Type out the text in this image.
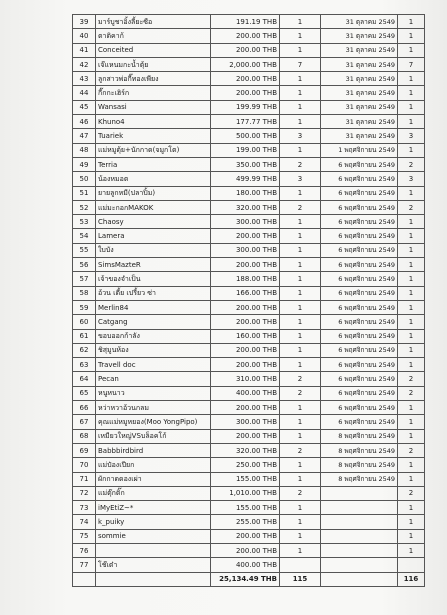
39	มาร์บูชาอิ้งลี้ยะซือ	191.19 THB	1	31 ตุลาคม 2549	1
40	ตาติคาก้	200.00 THB	1	31 ตุลาคม 2549	1
41	Conceited	200.00 THB	1	31 ตุลาคม 2549	1
42	เจ๊แหนมกะน้ำตุ้ย	2,000.00 THB	7	31 ตุลาคม 2549	7
43	ลูกสาวพ่อกี๊ทองเพียง	200.00 THB	1	31 ตุลาคม 2549	1
44	กี๊กกะเฮิร์ก	200.00 THB	1	31 ตุลาคม 2549	1
45	Wansasi	199.99 THB	1	31 ตุลาคม 2549	1
46	Khuno4	177.77 THB	1	31 ตุลาคม 2549	1
47	Tuariek	500.00 THB	3	31 ตุลาคม 2549	3
48	แม่หมูตุ้ย+นักกาด(จมูกโต)	199.00 THB	1	1 พฤศจิกายน 2549	1
49	Terria	350.00 THB	2	6 พฤศจิกายน 2549	2
50	น้องหมอต	499.99 THB	3	6 พฤศจิกายน 2549	3
51	ยายลูกหมี(ปลาปิ้ม)	180.00 THB	1	6 พฤศจิกายน 2549	1
52	แม่มะกอกMAKOK	320.00 THB	2	6 พฤศจิกายน 2549	2
53	Chaosy	300.00 THB	1	6 พฤศจิกายน 2549	1
54	Lamera	200.00 THB	1	6 พฤศจิกายน 2549	1
55	ใบบัง	300.00 THB	1	6 พฤศจิกายน 2549	1
56	SimsMazteR	200.00 THB	1	6 พฤศจิกายน 2549	1
57	เจ้าของจำเป็น	188.00 THB	1	6 พฤศจิกายน 2549	1
58	อ้วน เตี้ย เปรี้ยว ซ่า	166.00 THB	1	6 พฤศจิกายน 2549	1
59	Merlin84	200.00 THB	1	6 พฤศจิกายน 2549	1
60	Catgang	200.00 THB	1	6 พฤศจิกายน 2549	1
61	ขอบออกก้าลัง	160.00 THB	1	6 พฤศจิกายน 2549	1
62	ชิสุมูนห้อง	200.00 THB	1	6 พฤศจิกายน 2549	1
63	Travell doc	200.00 THB	1	6 พฤศจิกายน 2549	1
64	Pecan	310.00 THB	2	6 พฤศจิกายน 2549	2
65	หนูหนาว	400.00 THB	2	6 พฤศจิกายน 2549	2
66	หว่าหวาอ้วนกลม	200.00 THB	1	6 พฤศจิกายน 2549	1
67	คุณแม่หมูหยอง(Moo YongPipo)	300.00 THB	1	6 พฤศจิกายน 2549	1
68	เหมียวใหญ่VSบล็อคโก้	200.00 THB	1	8 พฤศจิกายน 2549	1
69	Babbbirdbird	320.00 THB	2	8 พฤศจิกายน 2549	2
70	แม่ป๋องเปียก	250.00 THB	1	8 พฤศจิกายน 2549	1
71	ผักกาดดองเผ่า	155.00 THB	1	8 พฤศจิกายน 2549	1
72	แม่ตุ๊กติ๊ก	1,010.00 THB	2		2
73	iMyEtiZ~*	155.00 THB	1		1
74	k_puiky	255.00 THB	1		1
75	sommie	200.00 THB	1		1
76		200.00 THB	1		1
77	โช๊เต๋า	400.00 THB			
		25,134.49 THB	115		116
